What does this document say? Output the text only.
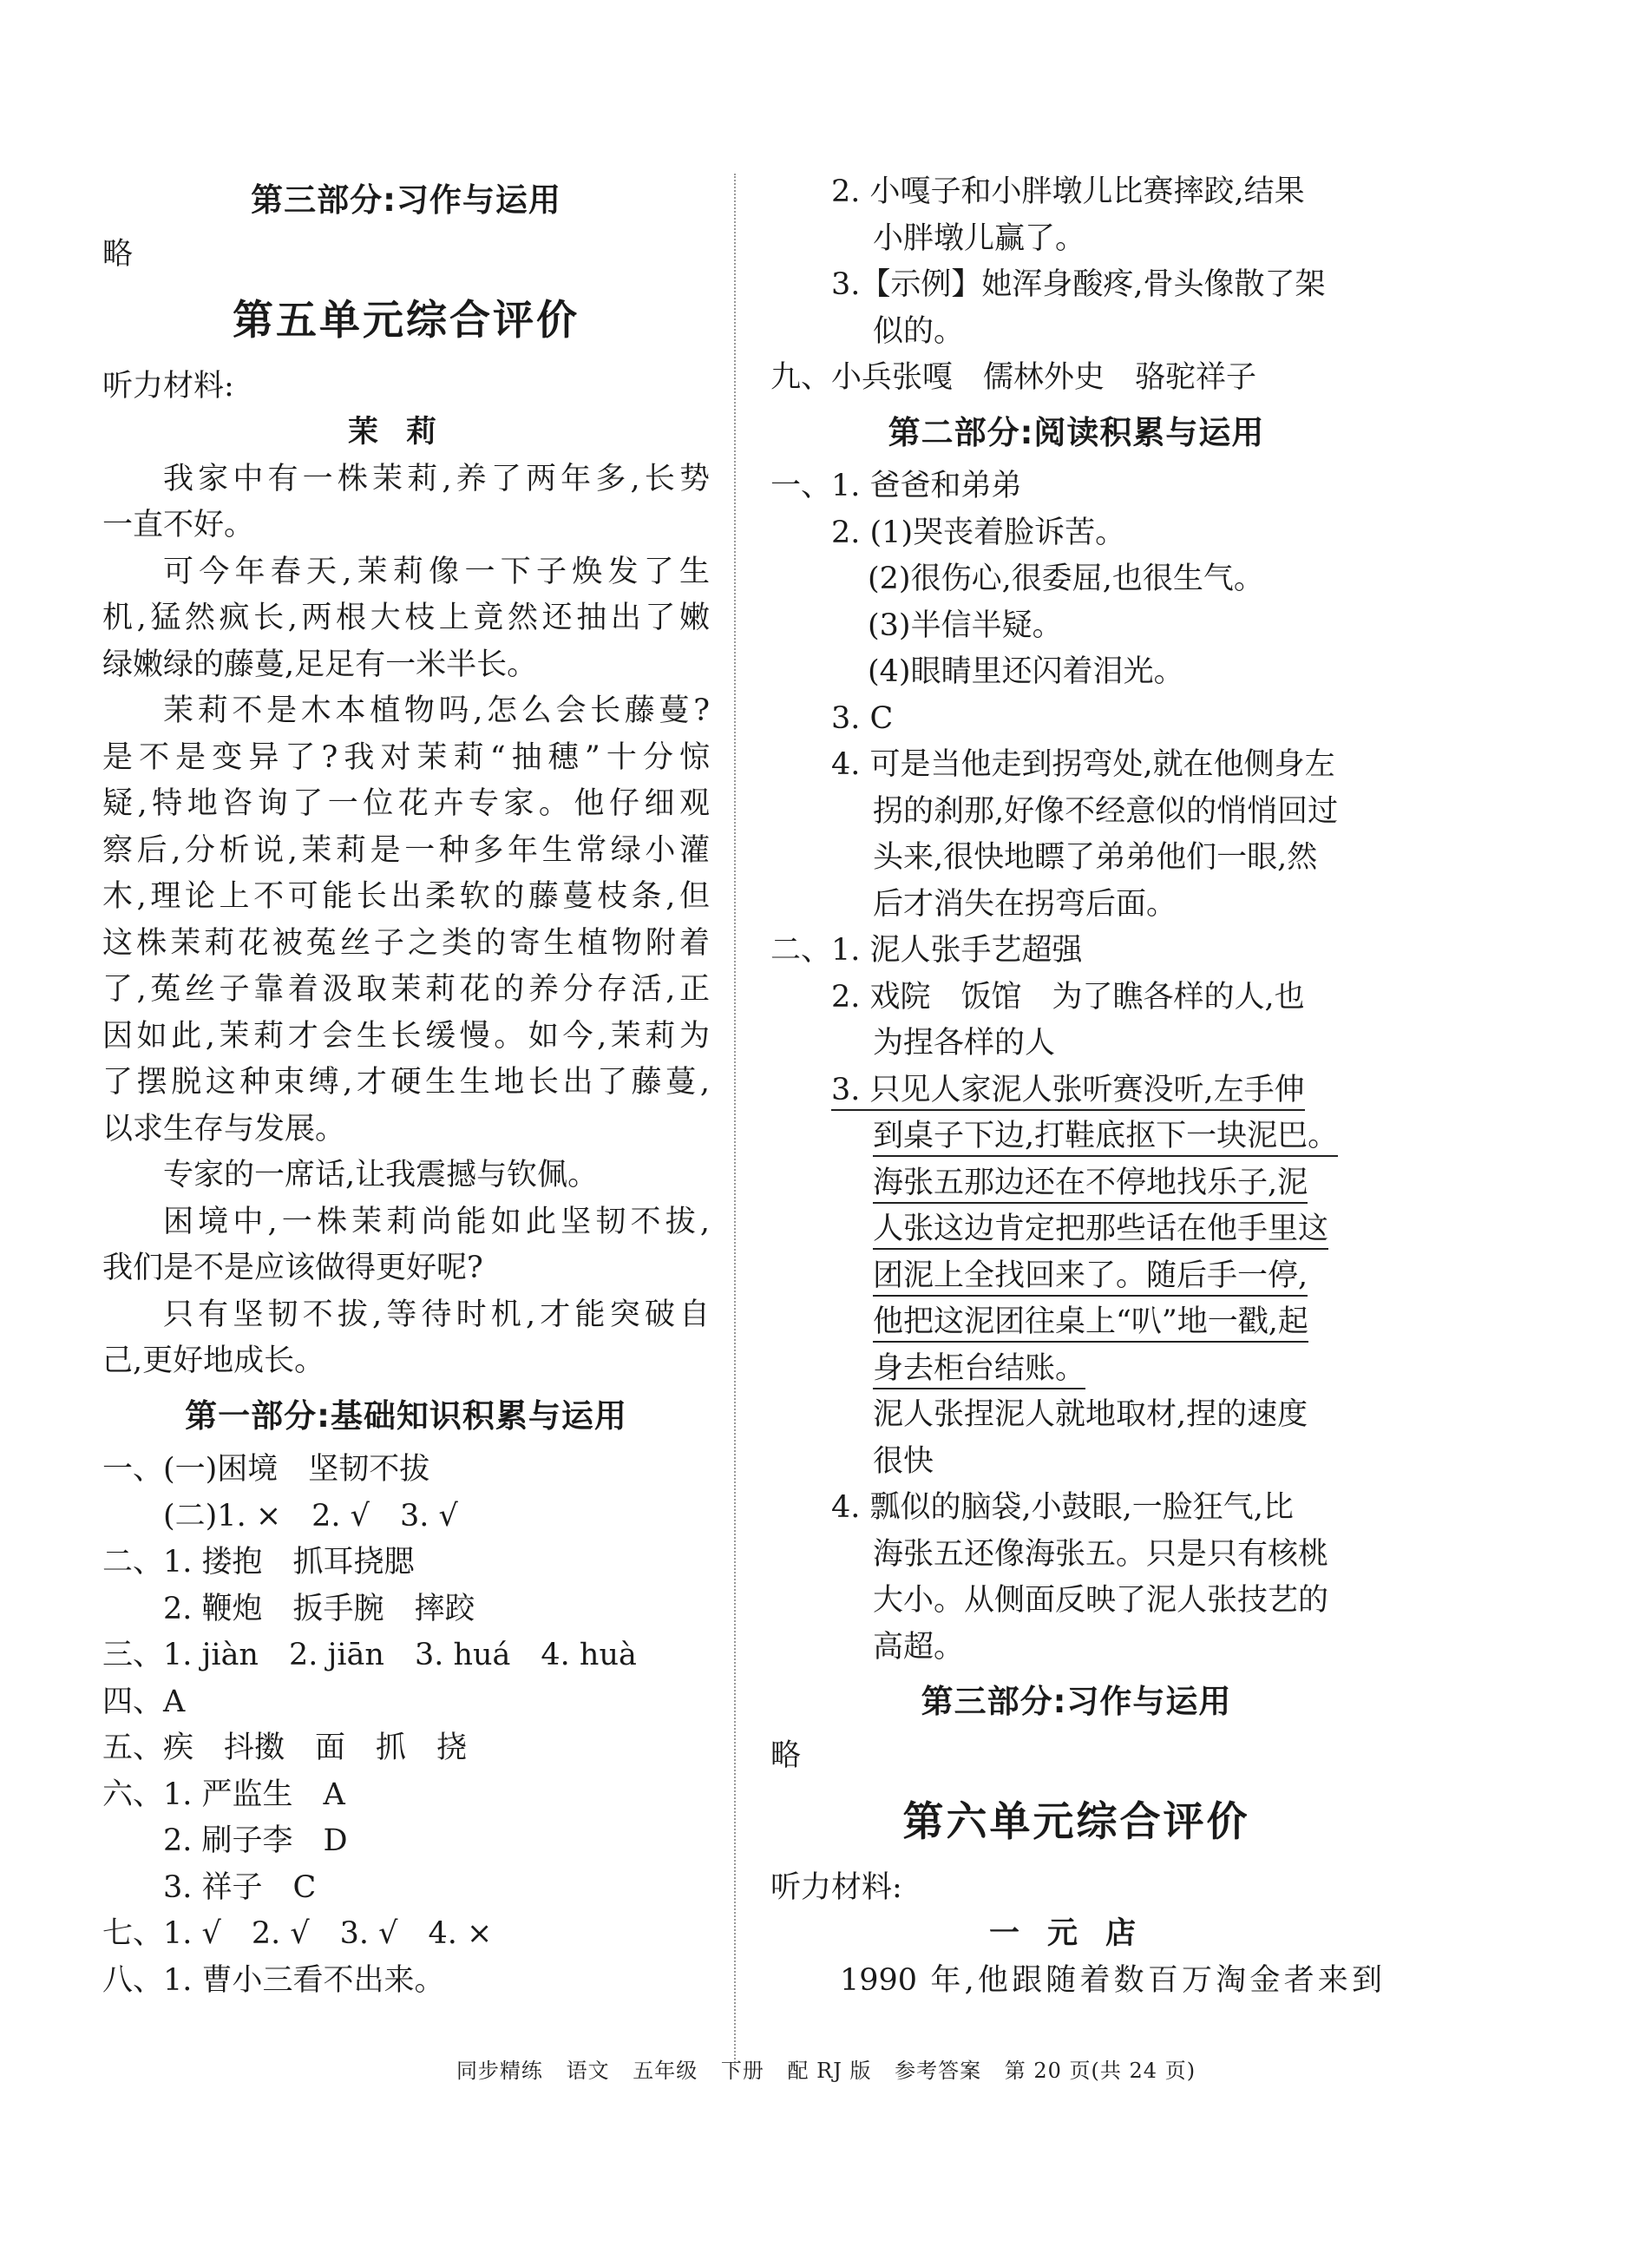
第三部分:习作与运用
略
第五单元综合评价
听力材料:
茉莉
我家中有一株茉莉,养了两年多,长势
一直不好。
可今年春天,茉莉像一下子焕发了生
机,猛然疯长,两根大枝上竟然还抽出了嫩
绿嫩绿的藤蔓,足足有一米半长。
茉莉不是木本植物吗,怎么会长藤蔓?
是不是变异了?我对茉莉“抽穗”十分惊
疑,特地咨询了一位花卉专家。他仔细观
察后,分析说,茉莉是一种多年生常绿小灌
木,理论上不可能长出柔软的藤蔓枝条,但
这株茉莉花被菟丝子之类的寄生植物附着
了,菟丝子靠着汲取茉莉花的养分存活,正
因如此,茉莉才会生长缓慢。如今,茉莉为
了摆脱这种束缚,才硬生生地长出了藤蔓,
以求生存与发展。
专家的一席话,让我震撼与钦佩。
困境中,一株茉莉尚能如此坚韧不拔,
我们是不是应该做得更好呢?
只有坚韧不拔,等待时机,才能突破自
己,更好地成长。
第一部分:基础知识积累与运用
一、(一)困境　坚韧不拔
(二)1. ×　2. √　3. √
二、1. 搂抱　抓耳挠腮
2. 鞭炮　扳手腕　摔跤
三、1. jiàn　2. jiān　3. huá　4. huà
四、A
五、疾　抖擞　面　抓　挠
六、1. 严监生　A
2. 刷子李　D
3. 祥子　C
七、1. √　2. √　3. √　4. ×
八、1. 曹小三看不出来。
2. 小嘎子和小胖墩儿比赛摔跤,结果
小胖墩儿赢了。
3.【示例】她浑身酸疼,骨头像散了架
似的。
九、小兵张嘎　儒林外史　骆驼祥子
第二部分:阅读积累与运用
一、1. 爸爸和弟弟
2. (1)哭丧着脸诉苦。
(2)很伤心,很委屈,也很生气。
(3)半信半疑。
(4)眼睛里还闪着泪光。
3. C
4. 可是当他走到拐弯处,就在他侧身左
拐的刹那,好像不经意似的悄悄回过
头来,很快地瞟了弟弟他们一眼,然
后才消失在拐弯后面。
二、1. 泥人张手艺超强
2. 戏院　饭馆　为了瞧各样的人,也
为捏各样的人
3. 只见人家泥人张听赛没听,左手伸
到桌子下边,打鞋底抠下一块泥巴。
海张五那边还在不停地找乐子,泥
人张这边肯定把那些话在他手里这
团泥上全找回来了。随后手一停,
他把这泥团往桌上“叭”地一戳,起
身去柜台结账。
泥人张捏泥人就地取材,捏的速度
很快
4. 瓢似的脑袋,小鼓眼,一脸狂气,比
海张五还像海张五。只是只有核桃
大小。从侧面反映了泥人张技艺的
高超。
第三部分:习作与运用
略
第六单元综合评价
听力材料:
一元店
1990 年,他跟随着数百万淘金者来到
同步精练 语文 五年级 下册 配 RJ 版 参考答案 第 20 页(共 24 页)
